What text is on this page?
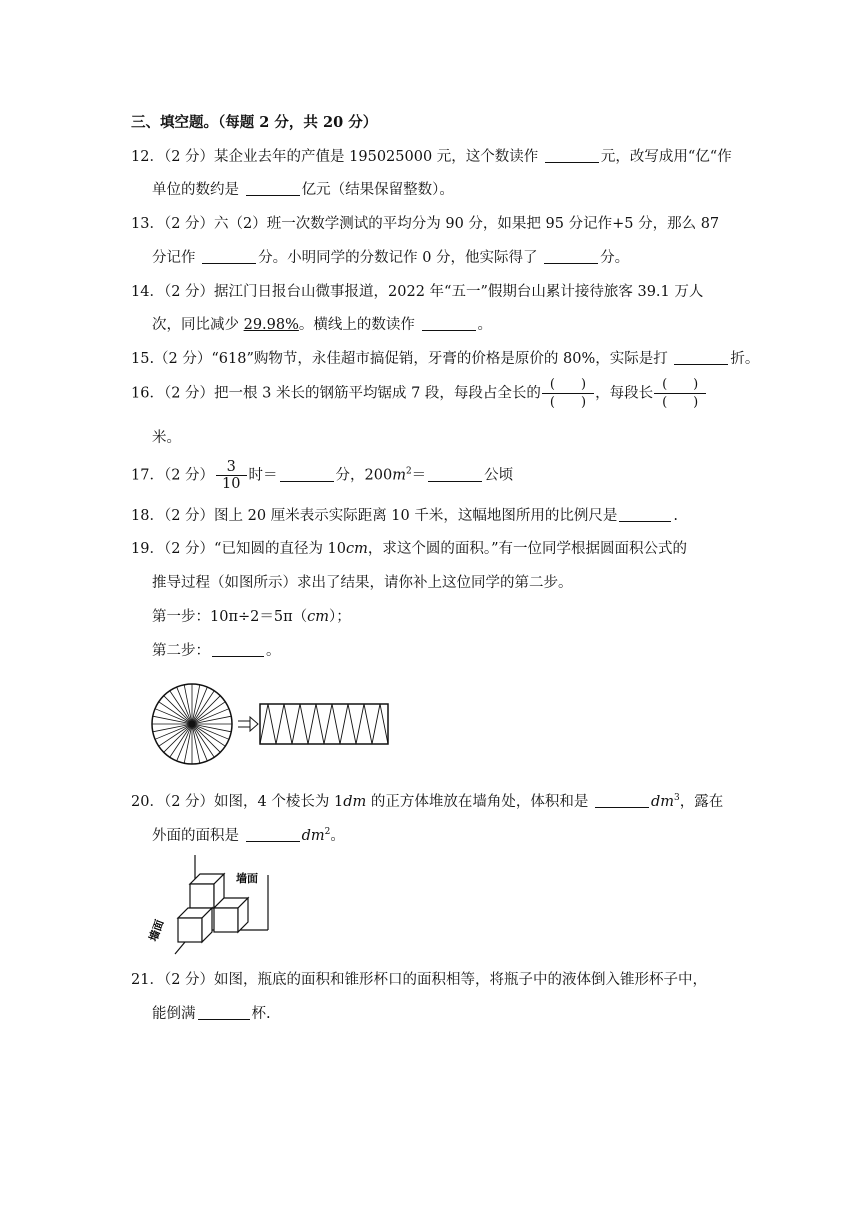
三、填空题。（每题 2 分，共 20 分）
12．（2 分）某企业去年的产值是 195025000 元，这个数读作	元，改写成用“亿“作
单位的数约是	亿元（结果保留整数）。
13．（2 分）六（2）班一次数学测试的平均分为 90 分，如果把 95 分记作+5 分，那么 87
分记作	分。小明同学的分数记作 0 分，他实际得了	分。
14．（2 分）据江门日报台山微事报道，2022 年“五一”假期台山累计接待旅客 39.1 万人
次，同比减少 29.98%。横线上的数读作	。
15.（2 分）“618”购物节，永佳超市搞促销，牙膏的价格是原价的 80%，实际是打	折。
16．（2 分）把一根 3 米长的钢筋平均锯成 7 段，每段占全长的 $\frac{( )}{( )}$ ，每段长 $\frac{( )}{( )}$
米。
17．（2 分） $\frac{3}{10}$ 时＝	分，$200m^2=$	公顷
18．（2 分）图上 20 厘米表示实际距离 10 千米，这幅地图所用的比例尺是	.
19．（2 分）“已知圆的直径为 10cm，求这个圆的面积。”有一位同学根据圆面积公式的
推导过程（如图所示）求出了结果，请你补上这位同学的第二步。
第一步：10π÷2＝5π（cm）；
第二步：	。
20．（2 分）如图，4 个棱长为 1dm 的正方体堆放在墙角处，体积和是	$dm^3$，露在
外面的面积是	$dm^2$。
墙面
墙面
21．（2 分）如图，瓶底的面积和锥形杯口的面积相等，将瓶子中的液体倒入锥形杯子中，
能倒满	杯.
